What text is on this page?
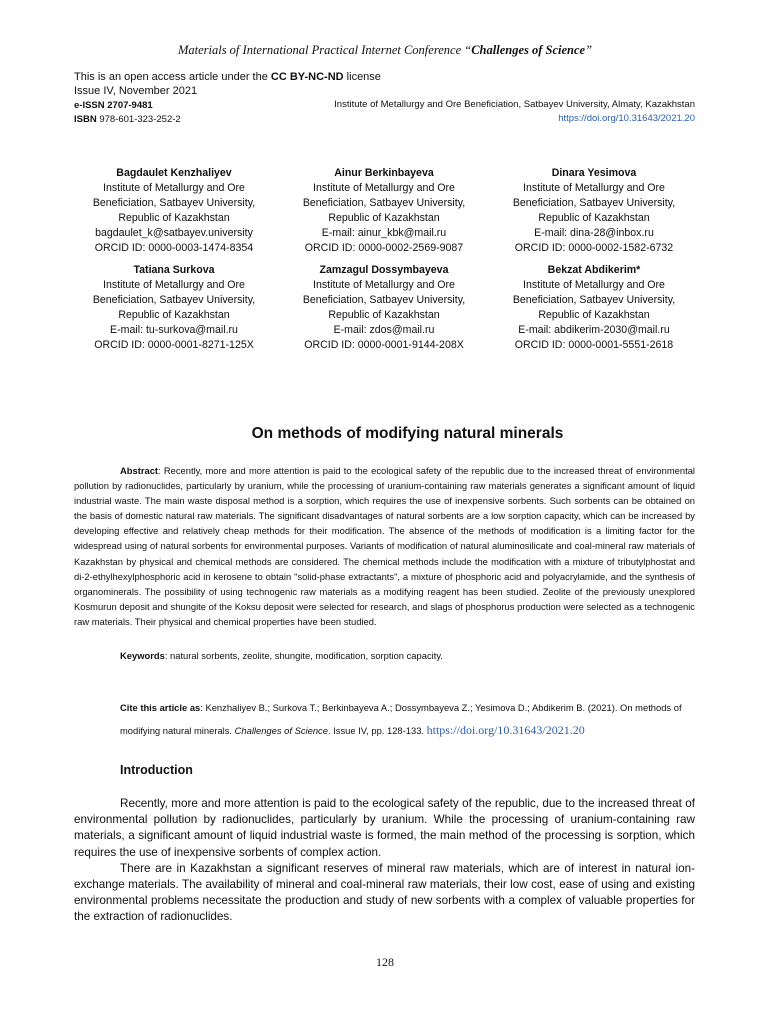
Materials of International Practical Internet Conference “Challenges of Science”
This is an open access article under the CC BY-NC-ND license
Issue IV, November 2021
e-ISSN 2707-9481
ISBN 978-601-323-252-2
Institute of Metallurgy and Ore Beneficiation, Satbayev University, Almaty, Kazakhstan
https://doi.org/10.31643/2021.20
Bagdaulet Kenzhaliyev
Institute of Metallurgy and Ore
Beneficiation, Satbayev University,
Republic of Kazakhstan
bagdaulet_k@satbayev.university
ORCID ID: 0000-0003-1474-8354
Ainur Berkinbayeva
Institute of Metallurgy and Ore
Beneficiation, Satbayev University,
Republic of Kazakhstan
E-mail: ainur_kbk@mail.ru
ORCID ID: 0000-0002-2569-9087
Dinara Yesimova
Institute of Metallurgy and Ore
Beneficiation, Satbayev University,
Republic of Kazakhstan
E-mail: dina-28@inbox.ru
ORCID ID: 0000-0002-1582-6732
Tatiana Surkova
Institute of Metallurgy and Ore
Beneficiation, Satbayev University,
Republic of Kazakhstan
E-mail: tu-surkova@mail.ru
ORCID ID: 0000-0001-8271-125X
Zamzagul Dossymbayeva
Institute of Metallurgy and Ore
Beneficiation, Satbayev University,
Republic of Kazakhstan
E-mail: zdos@mail.ru
ORCID ID: 0000-0001-9144-208X
Bekzat Abdikerim*
Institute of Metallurgy and Ore
Beneficiation, Satbayev University,
Republic of Kazakhstan
E-mail: abdikerim-2030@mail.ru
ORCID ID: 0000-0001-5551-2618
On methods of modifying natural minerals
Abstract: Recently, more and more attention is paid to the ecological safety of the republic due to the increased threat of environmental pollution by radionuclides, particularly by uranium, while the processing of uranium-containing raw materials generates a significant amount of liquid industrial waste. The main waste disposal method is a sorption, which requires the use of inexpensive sorbents. Such sorbents can be obtained on the basis of domestic natural raw materials. The significant disadvantages of natural sorbents are a low sorption capacity, which can be increased by developing effective and relatively cheap methods for their modification. The absence of the methods of modification is a limiting factor for the widespread using of natural sorbents for environmental purposes. Variants of modification of natural aluminosilicate and coal-mineral raw materials of Kazakhstan by physical and chemical methods are considered. The chemical methods include the modification with a mixture of tributylphostat and di-2-ethylhexylphosphoric acid in kerosene to obtain "solid-phase extractants", a mixture of phosphoric acid and polyacrylamide, and the synthesis of organominerals. The possibility of using technogenic raw materials as a modifying reagent has been studied. Zeolite of the previously unexplored Kosmurun deposit and shungite of the Koksu deposit were selected for research, and slags of phosphorus production were selected as a technogenic raw materials. Their physical and chemical properties have been studied.
Keywords: natural sorbents, zeolite, shungite, modification, sorption capacity.
Cite this article as: Kenzhaliyev B.; Surkova T.; Berkinbayeva A.; Dossymbayeva Z.; Yesimova D.; Abdikerim B. (2021). On methods of modifying natural minerals. Challenges of Science. Issue IV, pp. 128-133. https://doi.org/10.31643/2021.20
Introduction

Recently, more and more attention is paid to the ecological safety of the republic, due to the increased threat of environmental pollution by radionuclides, particularly by uranium. While the processing of uranium-containing raw materials, a significant amount of liquid industrial waste is formed, the main method of the processing is sorption, which requires the use of inexpensive sorbents of complex action.

There are in Kazakhstan a significant reserves of mineral raw materials, which are of interest in natural ion-exchange materials. The availability of mineral and coal-mineral raw materials, their low cost, ease of using and existing environmental problems necessitate the production and study of new sorbents with a complex of valuable properties for the extraction of radionuclides.

128
